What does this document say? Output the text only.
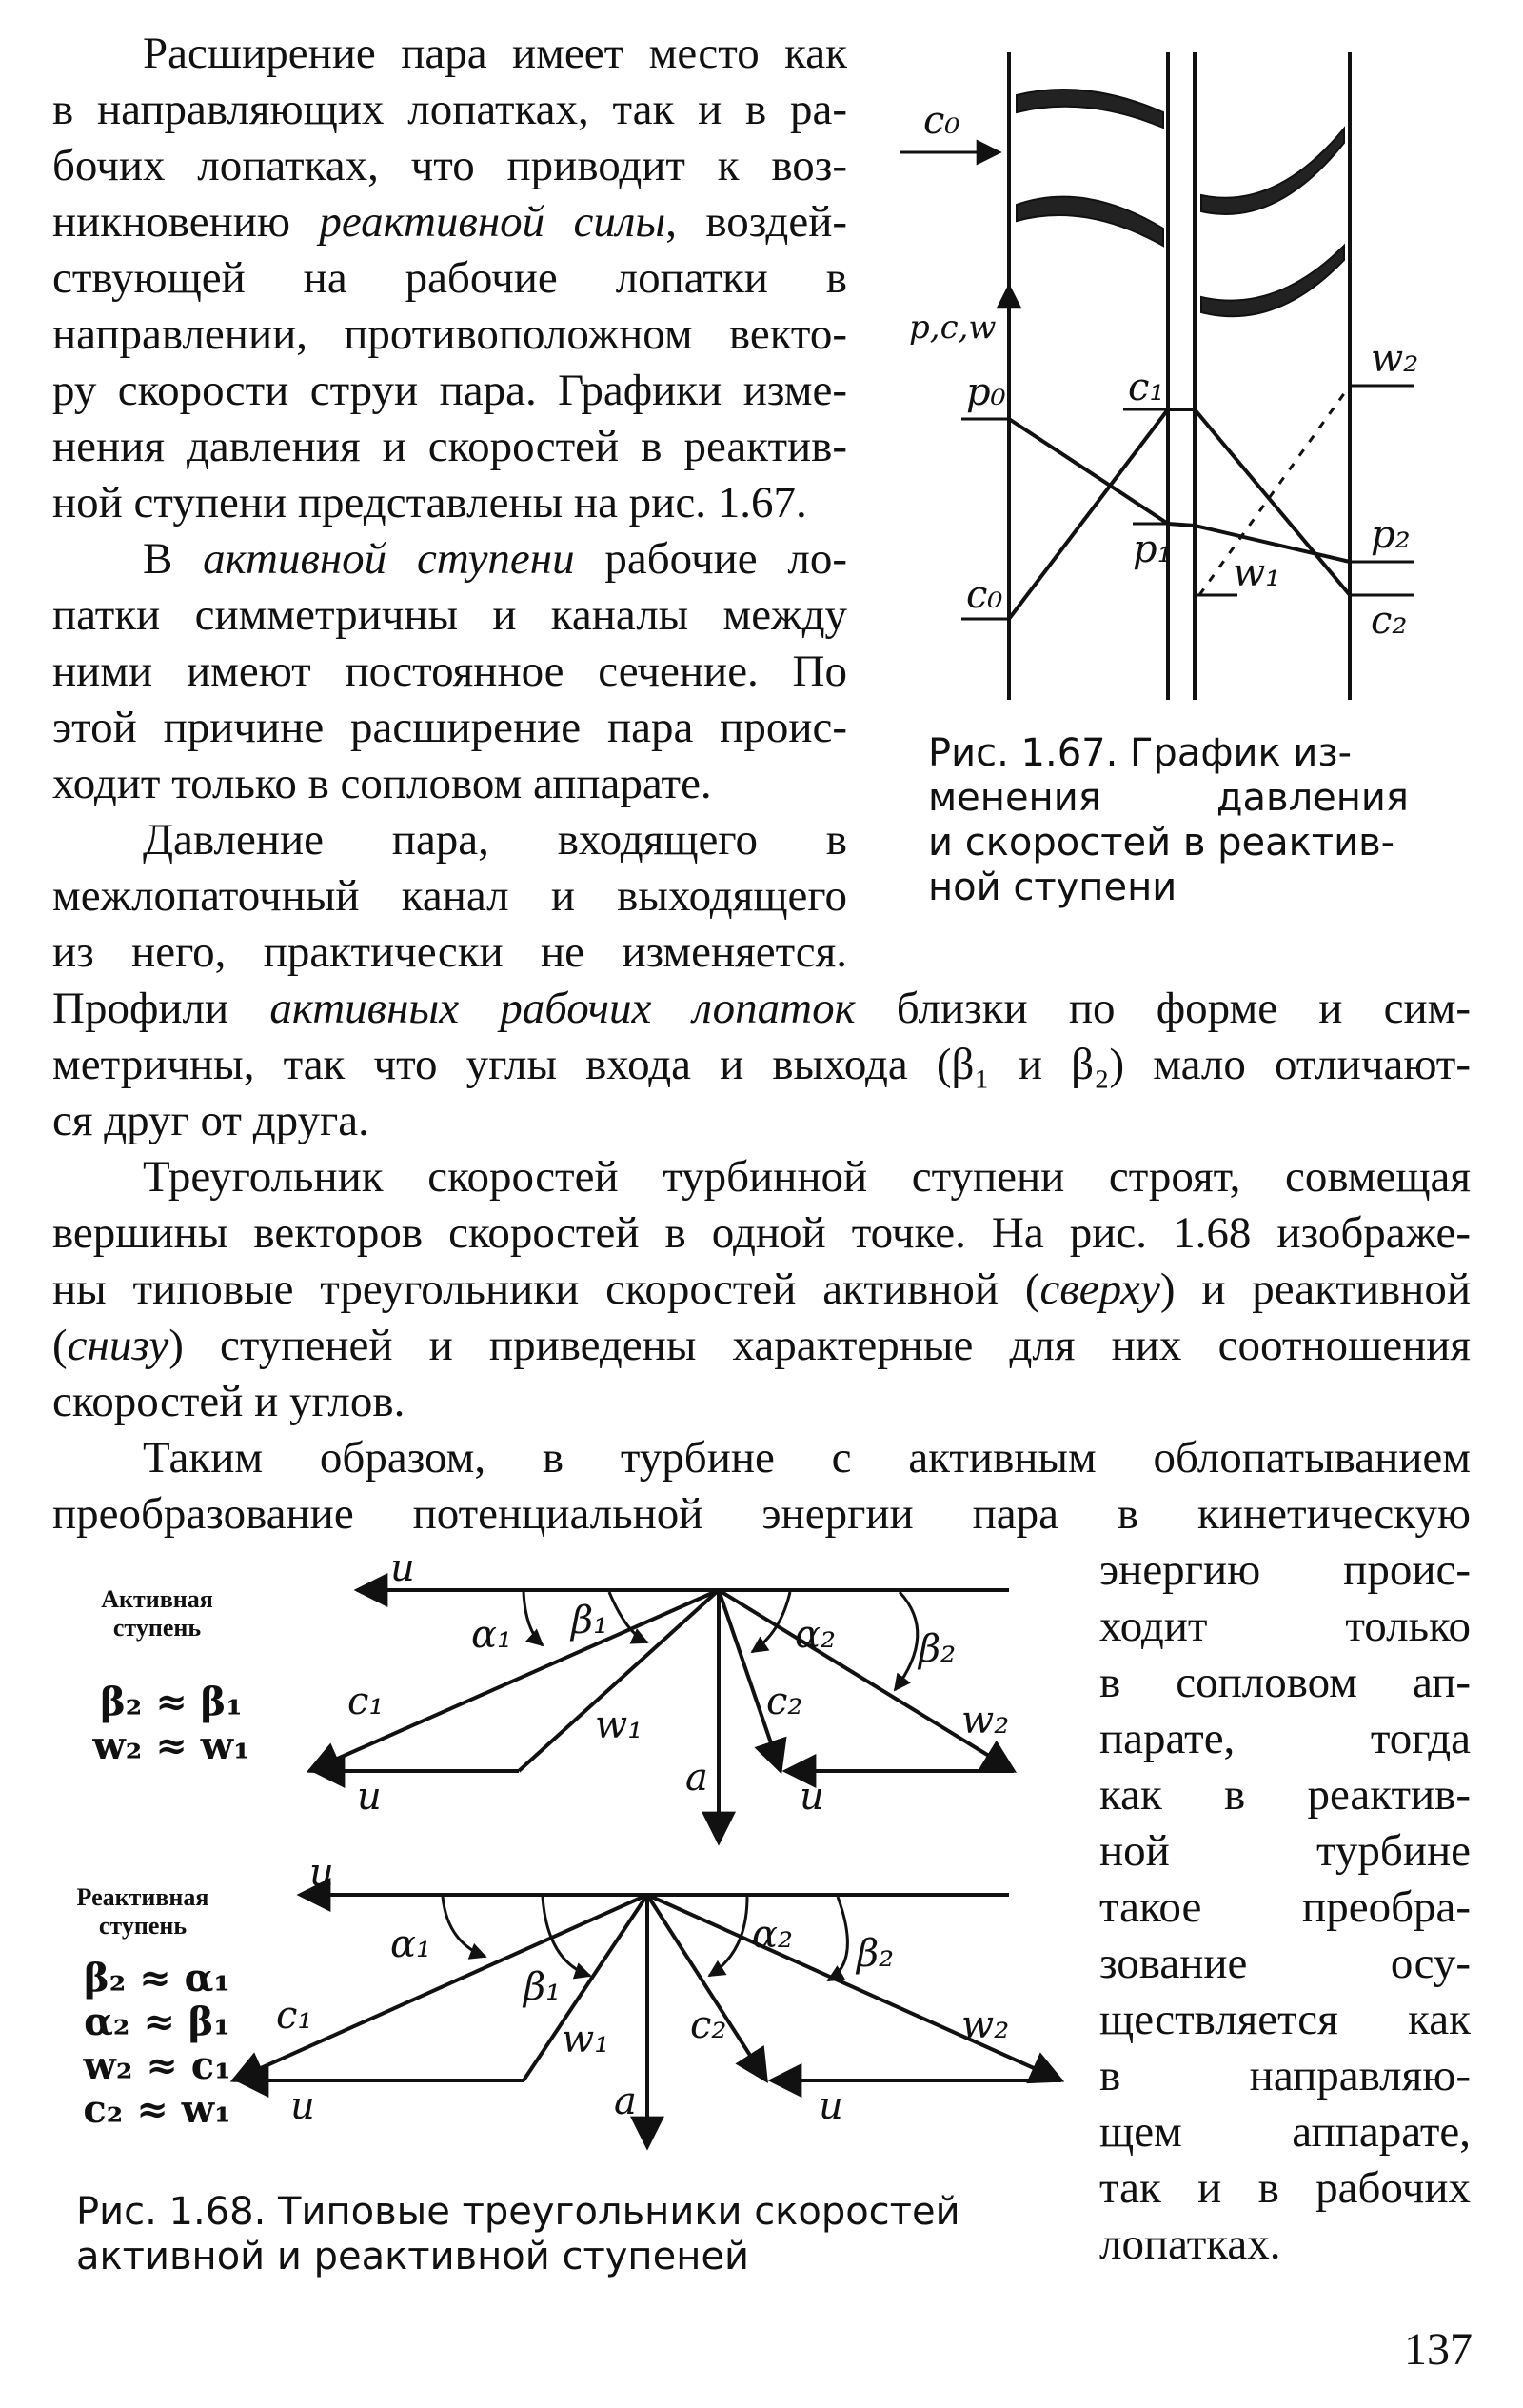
Расширение пара имеет место как
в направляющих лопатках, так и в ра-
бочих лопатках, что приводит к воз-
никновению реактивной силы, воздей-
ствующей на рабочие лопатки в
направлении, противоположном векто-
ру скорости струи пара. Графики изме-
нения давления и скоростей в реактив-
ной ступени представлены на рис. 1.67.
В активной ступени рабочие ло-
патки симметричны и каналы между
ними имеют постоянное сечение. По
этой причине расширение пара проис-
ходит только в сопловом аппарате.
Давление пара, входящего в
межлопаточный канал и выходящего
из него, практически не изменяется.
Профили активных рабочих лопаток близки по форме и сим-
метричны, так что углы входа и выхода (β₁ и β₂) мало отличают-
ся друг от друга.
Треугольник скоростей турбинной ступени строят, совмещая
вершины векторов скоростей в одной точке. На рис. 1.68 изображе-
ны типовые треугольники скоростей активной (сверху) и реактивной
(снизу) ступеней и приведены характерные для них соотношения
скоростей и углов.
Таким образом, в турбине с активным облопатыванием
преобразование потенциальной энергии пара в кинетическую
энергию проис-
ходит только
в сопловом ап-
парате, тогда
как в реактив-
ной турбине
такое преобра-
зование осу-
ществляется как
в направляю-
щем аппарате,
так и в рабочих
лопатках.
Рис. 1.67. График из-
менения давления
и скоростей в реактив-
ной ступени
Рис. 1.68. Типовые треугольники скоростей
активной и реактивной ступеней
Активная
ступень
β₂ ≈ β₁
w₂ ≈ w₁
Реактивная
ступень
β₂ ≈ α₁
α₂ ≈ β₁
w₂ ≈ c₁
c₂ ≈ w₁
137
c₀
p,c,w
p₀	c₁
w₂
p₂
p₁
w₁
c₀
c₂
u
α₁ β₁	α₂ β₂
c₁
w₁
c₂	w₂
a
u	u
u
α₁
β₁
α₂ β₂
c₁
w₁ c₂	w₂
a
u	u
